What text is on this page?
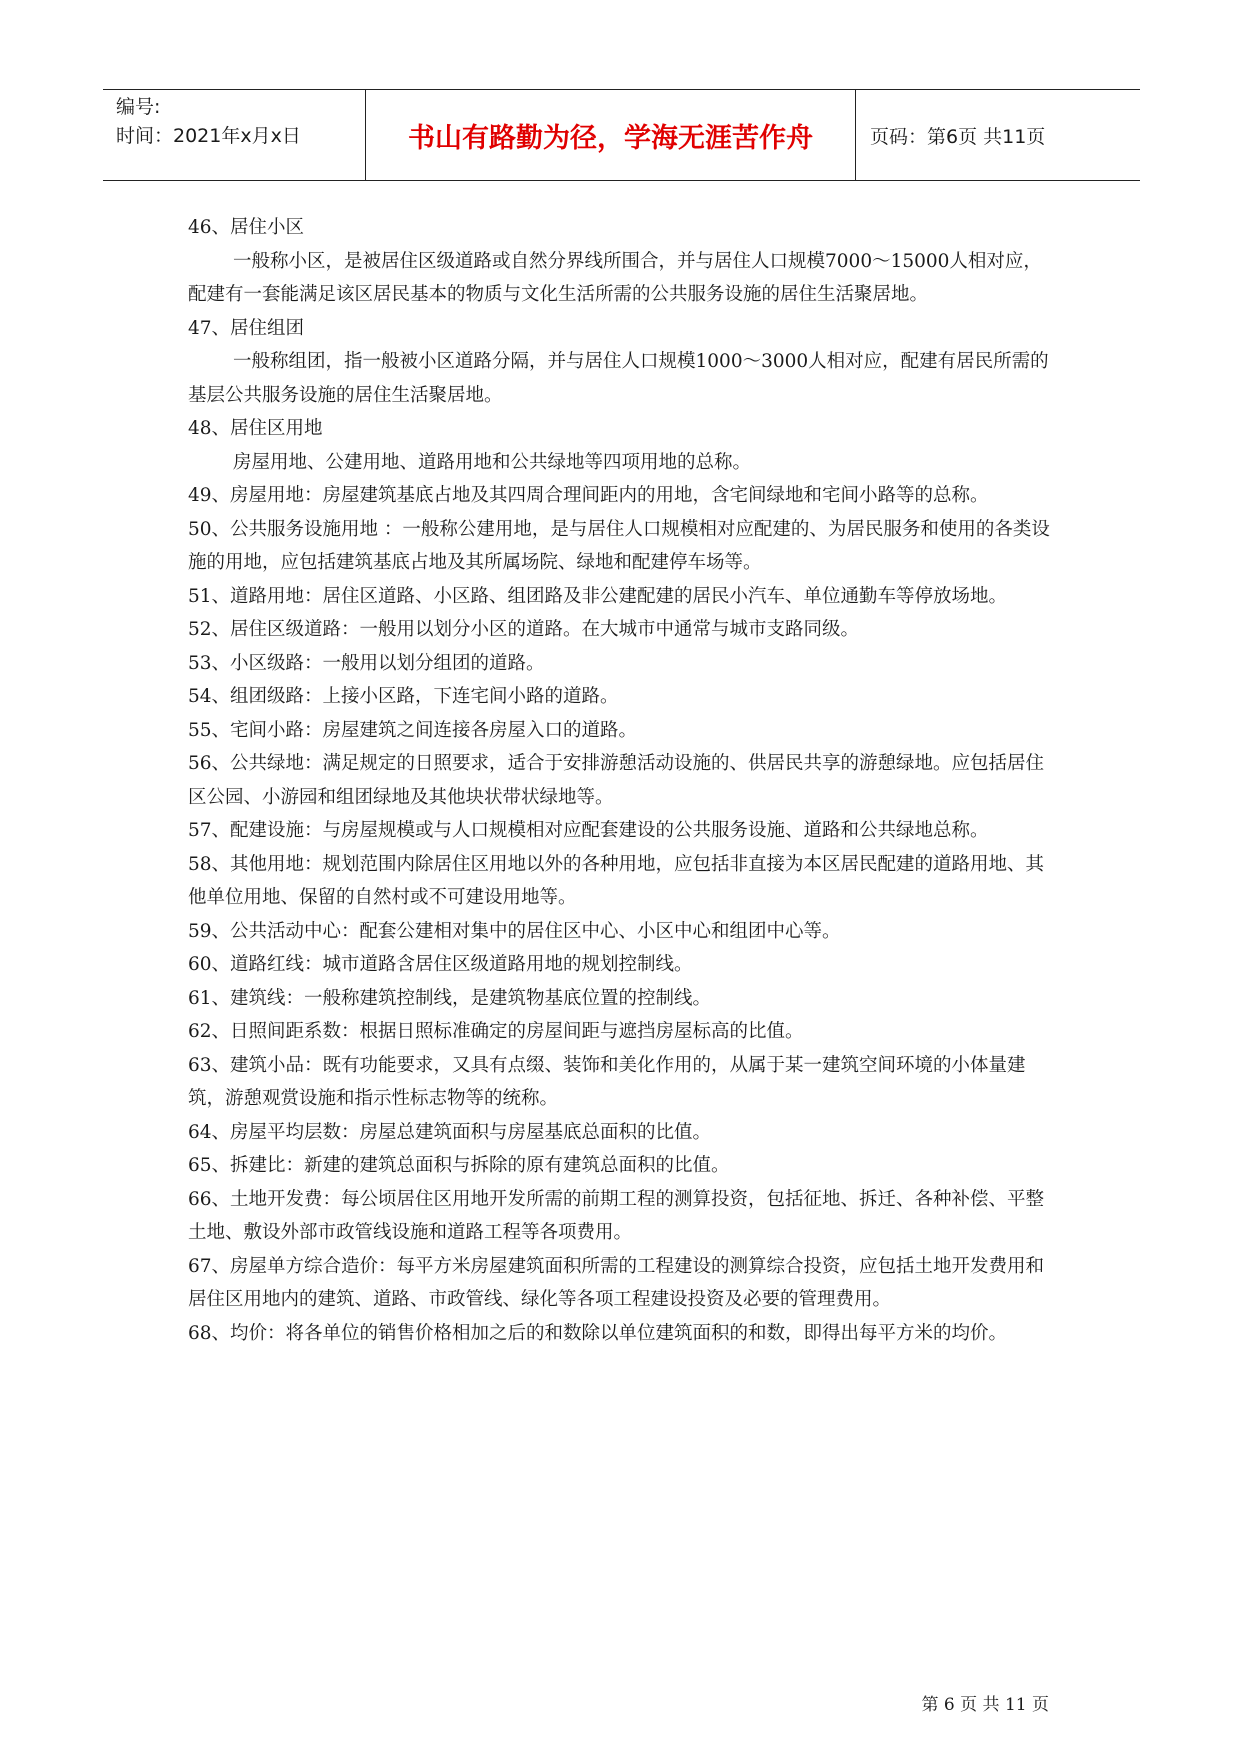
编号:
时间：2021年x月x日	书山有路勤为径，学海无涯苦作舟	页码：第6页 共11页

46、居住小区

一般称小区，是被居住区级道路或自然分界线所围合，并与居住人口规模7000～15000人相对应，配建有一套能满足该区居民基本的物质与文化生活所需的公共服务设施的居住生活聚居地。

47、居住组团

一般称组团，指一般被小区道路分隔，并与居住人口规模1000～3000人相对应，配建有居民所需的基层公共服务设施的居住生活聚居地。

48、居住区用地

房屋用地、公建用地、道路用地和公共绿地等四项用地的总称。

49、房屋用地：房屋建筑基底占地及其四周合理间距内的用地，含宅间绿地和宅间小路等的总称。

50、公共服务设施用地 ：一般称公建用地，是与居住人口规模相对应配建的、为居民服务和使用的各类设施的用地，应包括建筑基底占地及其所属场院、绿地和配建停车场等。

51、道路用地：居住区道路、小区路、组团路及非公建配建的居民小汽车、单位通勤车等停放场地。

52、居住区级道路：一般用以划分小区的道路。在大城市中通常与城市支路同级。

53、小区级路：一般用以划分组团的道路。

54、组团级路：上接小区路，下连宅间小路的道路。

55、宅间小路：房屋建筑之间连接各房屋入口的道路。

56、公共绿地：满足规定的日照要求，适合于安排游憩活动设施的、供居民共享的游憩绿地。应包括居住区公园、小游园和组团绿地及其他块状带状绿地等。

57、配建设施：与房屋规模或与人口规模相对应配套建设的公共服务设施、道路和公共绿地总称。

58、其他用地：规划范围内除居住区用地以外的各种用地，应包括非直接为本区居民配建的道路用地、其他单位用地、保留的自然村或不可建设用地等。

59、公共活动中心：配套公建相对集中的居住区中心、小区中心和组团中心等。

60、道路红线：城市道路含居住区级道路用地的规划控制线。

61、建筑线：一般称建筑控制线，是建筑物基底位置的控制线。

62、日照间距系数：根据日照标准确定的房屋间距与遮挡房屋标高的比值。

63、建筑小品：既有功能要求，又具有点缀、装饰和美化作用的，从属于某一建筑空间环境的小体量建筑，游憩观赏设施和指示性标志物等的统称。

64、房屋平均层数：房屋总建筑面积与房屋基底总面积的比值。

65、拆建比：新建的建筑总面积与拆除的原有建筑总面积的比值。

66、土地开发费：每公顷居住区用地开发所需的前期工程的测算投资，包括征地、拆迁、各种补偿、平整土地、敷设外部市政管线设施和道路工程等各项费用。

67、房屋单方综合造价：每平方米房屋建筑面积所需的工程建设的测算综合投资，应包括土地开发费用和居住区用地内的建筑、道路、市政管线、绿化等各项工程建设投资及必要的管理费用。

68、均价：将各单位的销售价格相加之后的和数除以单位建筑面积的和数，即得出每平方米的均价。

第 6 页 共 11 页
